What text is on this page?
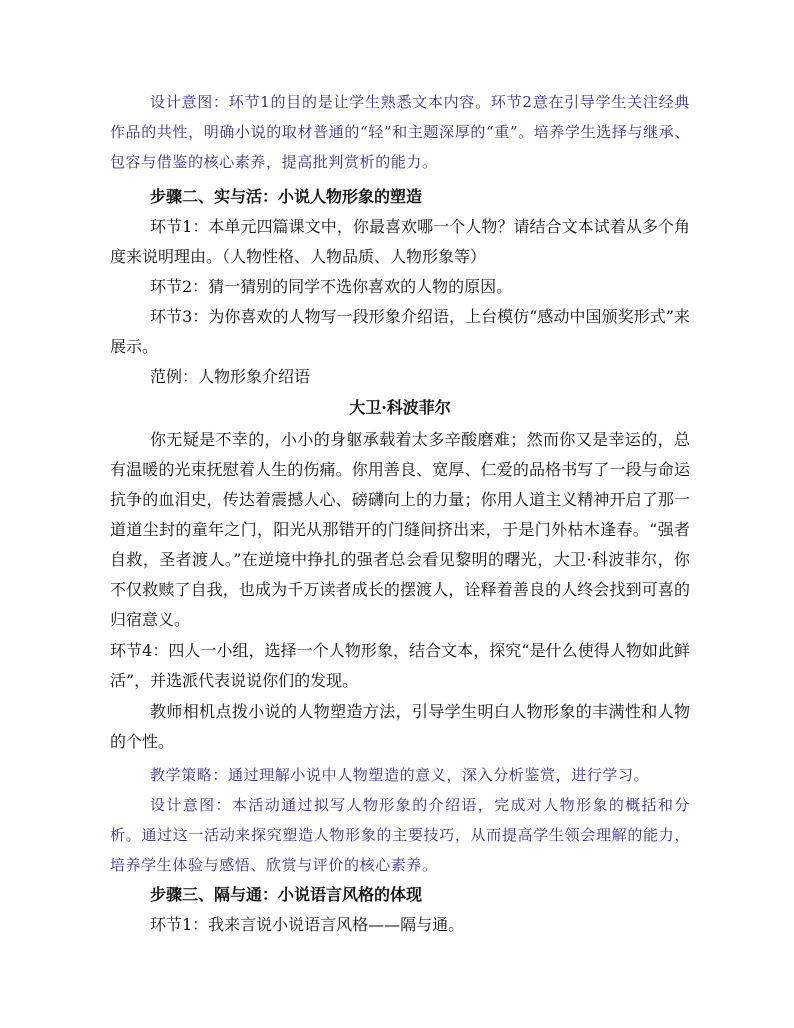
设计意图：环节1的目的是让学生熟悉文本内容。环节2意在引导学生关注经典作品的共性，明确小说的取材普通的“轻”和主题深厚的“重”。培养学生选择与继承、包容与借鉴的核心素养，提高批判赏析的能力。

步骤二、实与活：小说人物形象的塑造

环节1：本单元四篇课文中，你最喜欢哪一个人物？请结合文本试着从多个角度来说明理由。（人物性格、人物品质、人物形象等）

环节2：猜一猜别的同学不选你喜欢的人物的原因。

环节3：为你喜欢的人物写一段形象介绍语，上台模仿“感动中国颁奖形式”来展示。

范例：人物形象介绍语

大卫·科波菲尔

你无疑是不幸的，小小的身躯承载着太多辛酸磨难；然而你又是幸运的，总有温暖的光束抚慰着人生的伤痛。你用善良、宽厚、仁爱的品格书写了一段与命运抗争的血泪史，传达着震撼人心、磅礴向上的力量；你用人道主义精神开启了那一道道尘封的童年之门，阳光从那错开的门缝间挤出来，于是门外枯木逢春。“强者自救，圣者渡人。”在逆境中挣扎的强者总会看见黎明的曙光，大卫·科波菲尔，你不仅救赎了自我，也成为千万读者成长的摆渡人，诠释着善良的人终会找到可喜的归宿意义。

环节4：四人一小组，选择一个人物形象，结合文本，探究“是什么使得人物如此鲜活”，并选派代表说说你们的发现。

教师相机点拨小说的人物塑造方法，引导学生明白人物形象的丰满性和人物的个性。

教学策略：通过理解小说中人物塑造的意义，深入分析鉴赏，进行学习。

设计意图：本活动通过拟写人物形象的介绍语，完成对人物形象的概括和分析。通过这一活动来探究塑造人物形象的主要技巧，从而提高学生领会理解的能力，培养学生体验与感悟、欣赏与评价的核心素养。

步骤三、隔与通：小说语言风格的体现

环节1：我来言说小说语言风格——隔与通。
